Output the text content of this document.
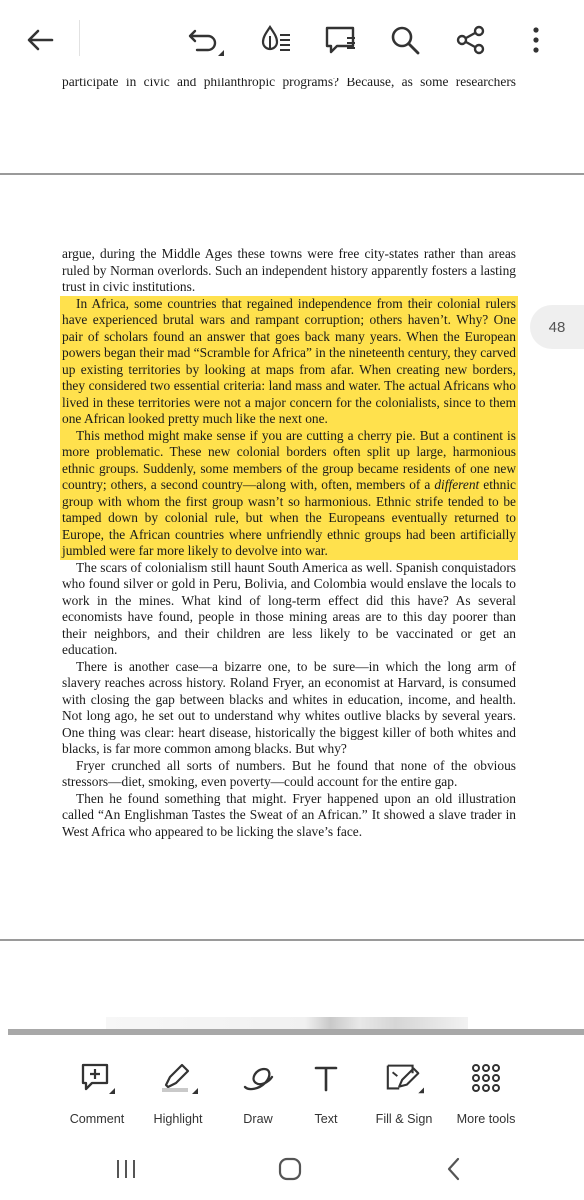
participate in civic and philanthropic programs? Because, as some researchers
argue, during the Middle Ages these towns were free city-states rather than areas ruled by Norman overlords. Such an independent history apparently fosters a lasting trust in civic institutions.
In Africa, some countries that regained independence from their colonial rulers have experienced brutal wars and rampant corruption; others haven’t. Why? One pair of scholars found an answer that goes back many years. When the European powers began their mad “Scramble for Africa” in the nineteenth century, they carved up existing territories by looking at maps from afar. When creating new borders, they considered two essential criteria: land mass and water. The actual Africans who lived in these territories were not a major concern for the colonialists, since to them one African looked pretty much like the next one.
This method might make sense if you are cutting a cherry pie. But a continent is more problematic. These new colonial borders often split up large, harmonious ethnic groups. Suddenly, some members of the group became residents of one new country; others, a second country—along with, often, members of a different ethnic group with whom the first group wasn’t so harmonious. Ethnic strife tended to be tamped down by colonial rule, but when the Europeans eventually returned to Europe, the African countries where unfriendly ethnic groups had been artificially jumbled were far more likely to devolve into war.
The scars of colonialism still haunt South America as well. Spanish conquistadors who found silver or gold in Peru, Bolivia, and Colombia would enslave the locals to work in the mines. What kind of long-term effect did this have? As several economists have found, people in those mining areas are to this day poorer than their neighbors, and their children are less likely to be vaccinated or get an education.
There is another case—a bizarre one, to be sure—in which the long arm of slavery reaches across history. Roland Fryer, an economist at Harvard, is consumed with closing the gap between blacks and whites in education, income, and health. Not long ago, he set out to understand why whites outlive blacks by several years. One thing was clear: heart disease, historically the biggest killer of both whites and blacks, is far more common among blacks. But why?
Fryer crunched all sorts of numbers. But he found that none of the obvious stressors—diet, smoking, even poverty—could account for the entire gap.
Then he found something that might. Fryer happened upon an old illustration called “An Englishman Tastes the Sweat of an African.” It showed a slave trader in West Africa who appeared to be licking the slave’s face.
48
Comment Highlight	Draw	Text	Fill & Sign More tools
